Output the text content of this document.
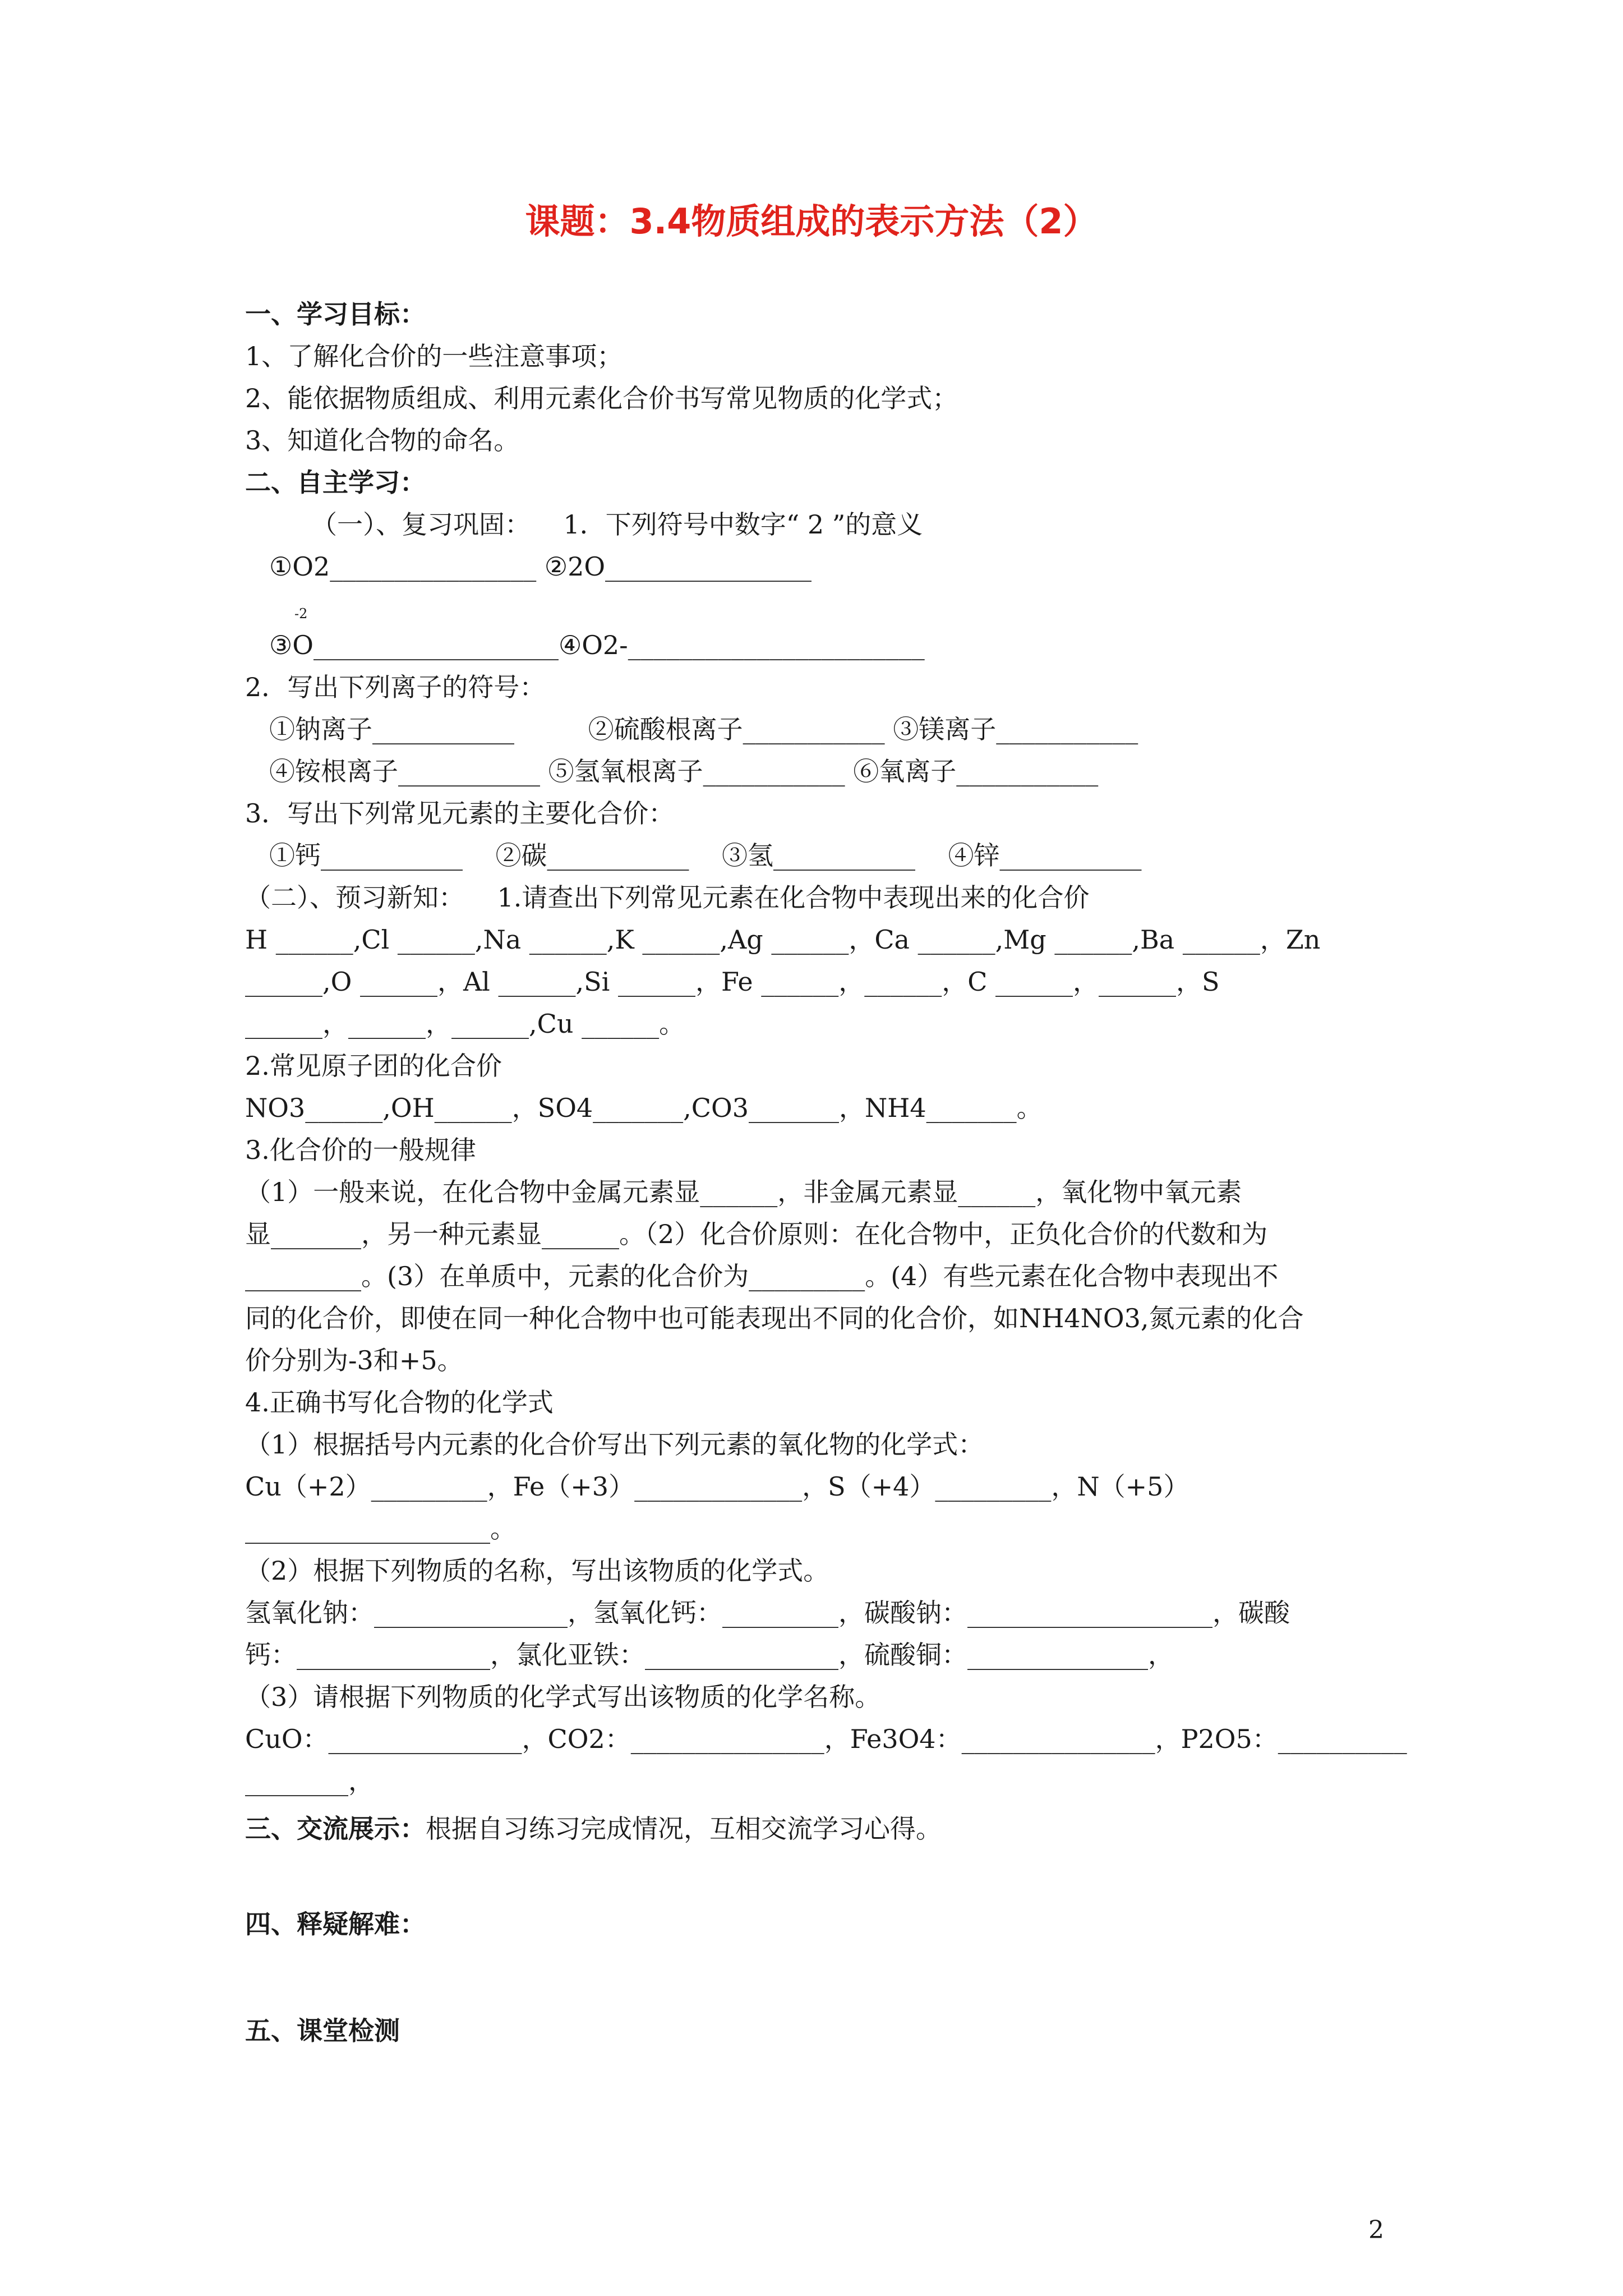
课题：3.4物质组成的表示方法（2）
一、学习目标：
1、了解化合价的一些注意事项；
2、能依据物质组成、利用元素化合价书写常见物质的化学式；
3、知道化合物的命名。
二、自主学习：
（一）、复习巩固：    1．下列符号中数字“ 2 ”的意义
①O2________________ ②2O________________
-2
③O___________________④O2-_______________________
2．写出下列离子的符号：
①钠离子___________         ②硫酸根离子___________ ③镁离子___________
④铵根离子___________ ⑤氢氧根离子___________ ⑥氧离子___________
3．写出下列常见元素的主要化合价：
①钙___________    ②碳___________    ③氢___________    ④锌___________
（二）、预习新知：    1.请查出下列常见元素在化合物中表现出来的化合价
H ______,Cl ______,Na ______,K ______,Ag ______，Ca ______,Mg ______,Ba ______，Zn
______,O ______，Al ______,Si ______，Fe ______，______，C ______，______，S
______，______，______,Cu ______。
2.常见原子团的化合价
NO3______,OH______，SO4_______,CO3_______，NH4_______。
3.化合价的一般规律
（1）一般来说，在化合物中金属元素显______，非金属元素显______，氧化物中氧元素
显_______，另一种元素显______。（2）化合价原则：在化合物中，正负化合价的代数和为
_________。(3）在单质中，元素的化合价为_________。(4）有些元素在化合物中表现出不
同的化合价，即使在同一种化合物中也可能表现出不同的化合价，如NH4NO3,氮元素的化合
价分别为-3和+5。
4.正确书写化合物的化学式
（1）根据括号内元素的化合价写出下列元素的氧化物的化学式：
Cu（+2）_________，Fe（+3）_____________，S（+4）_________，N（+5）
___________________。
（2）根据下列物质的名称，写出该物质的化学式。
氢氧化钠：_______________，氢氧化钙：_________，碳酸钠：___________________，碳酸
钙：_______________，氯化亚铁：_______________，硫酸铜：______________，
（3）请根据下列物质的化学式写出该物质的化学名称。
CuO：_______________，CO2：_______________，Fe3O4：_______________，P2O5：__________
________，
三、交流展示：根据自习练习完成情况，互相交流学习心得。
四、释疑解难：
五、课堂检测
2
